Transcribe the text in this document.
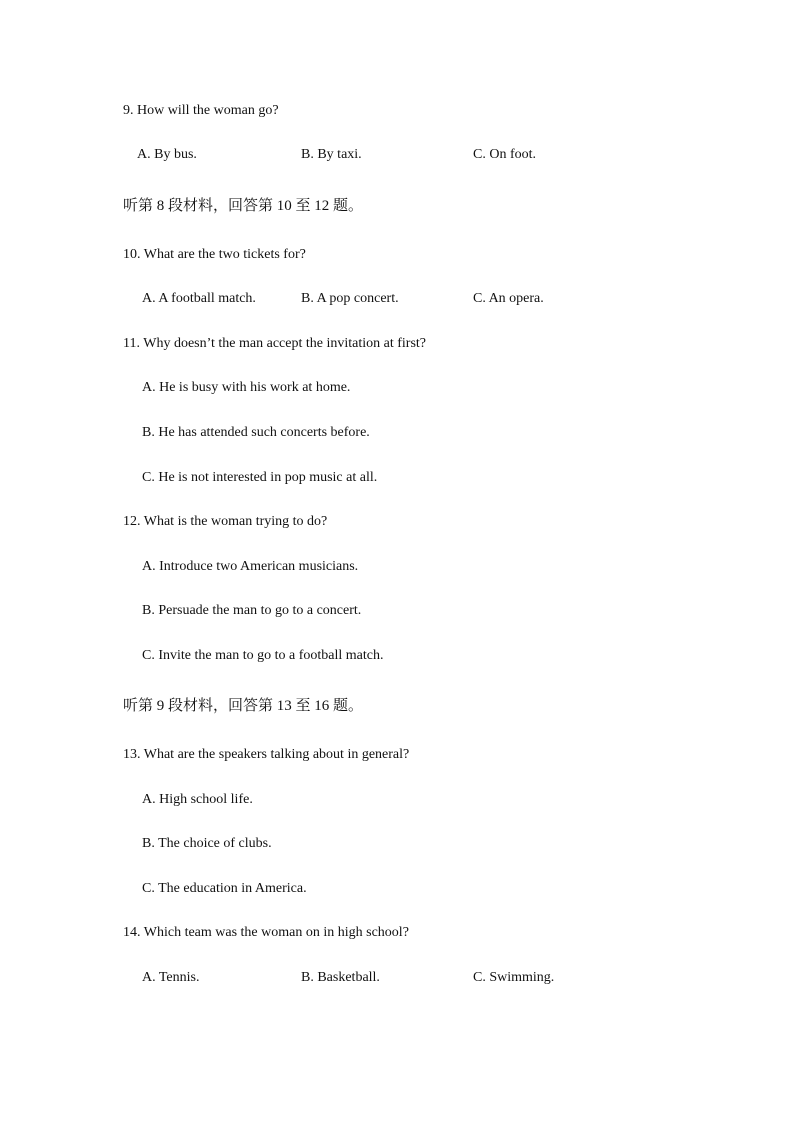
9. How will the woman go?
A. By bus.	B. By taxi.	C. On foot.
听第 8 段材料，回答第 10 至 12 题。
10. What are the two tickets for?
A. A football match.	B. A pop concert.	C. An opera.
11. Why doesn’t the man accept the invitation at first?
A. He is busy with his work at home.
B. He has attended such concerts before.
C. He is not interested in pop music at all.
12. What is the woman trying to do?
A. Introduce two American musicians.
B. Persuade the man to go to a concert.
C. Invite the man to go to a football match.
听第 9 段材料，回答第 13 至 16 题。
13. What are the speakers talking about in general?
A. High school life.
B. The choice of clubs.
C. The education in America.
14. Which team was the woman on in high school?
A. Tennis.	B. Basketball.	C. Swimming.
